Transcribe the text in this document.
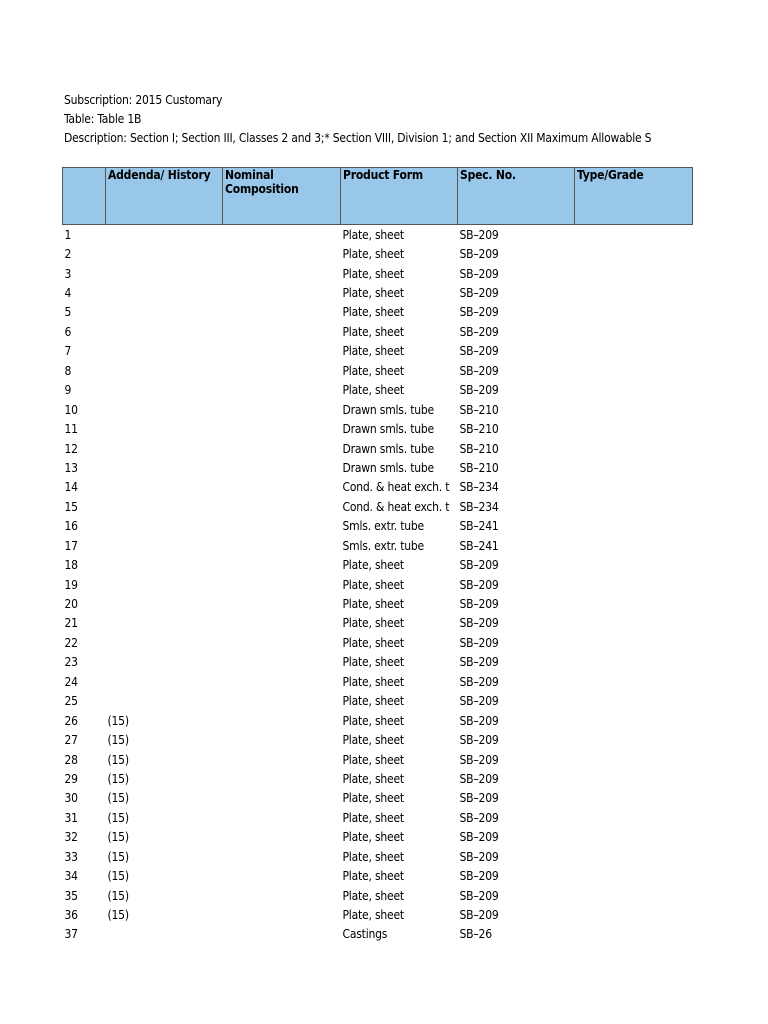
Subscription: 2015 Customary
Table: Table 1B
Description: Section I; Section III, Classes 2 and 3;* Section VIII, Division 1; and Section XII Maximum Allowable S
	Addenda/ History	Nominal Composition	Product Form	Spec. No.	Type/Grade
1			Plate, sheet	SB–209	
2			Plate, sheet	SB–209	
3			Plate, sheet	SB–209	
4			Plate, sheet	SB–209	
5			Plate, sheet	SB–209	
6			Plate, sheet	SB–209	
7			Plate, sheet	SB–209	
8			Plate, sheet	SB–209	
9			Plate, sheet	SB–209	
10			Drawn smls. tube	SB–210	
11			Drawn smls. tube	SB–210	
12			Drawn smls. tube	SB–210	
13			Drawn smls. tube	SB–210	
14			Cond. & heat exch. t	SB–234	
15			Cond. & heat exch. t	SB–234	
16			Smls. extr. tube	SB–241	
17			Smls. extr. tube	SB–241	
18			Plate, sheet	SB–209	
19			Plate, sheet	SB–209	
20			Plate, sheet	SB–209	
21			Plate, sheet	SB–209	
22			Plate, sheet	SB–209	
23			Plate, sheet	SB–209	
24			Plate, sheet	SB–209	
25			Plate, sheet	SB–209	
26	(15)		Plate, sheet	SB–209	
27	(15)		Plate, sheet	SB–209	
28	(15)		Plate, sheet	SB–209	
29	(15)		Plate, sheet	SB–209	
30	(15)		Plate, sheet	SB–209	
31	(15)		Plate, sheet	SB–209	
32	(15)		Plate, sheet	SB–209	
33	(15)		Plate, sheet	SB–209	
34	(15)		Plate, sheet	SB–209	
35	(15)		Plate, sheet	SB–209	
36	(15)		Plate, sheet	SB–209	
37			Castings	SB–26	
